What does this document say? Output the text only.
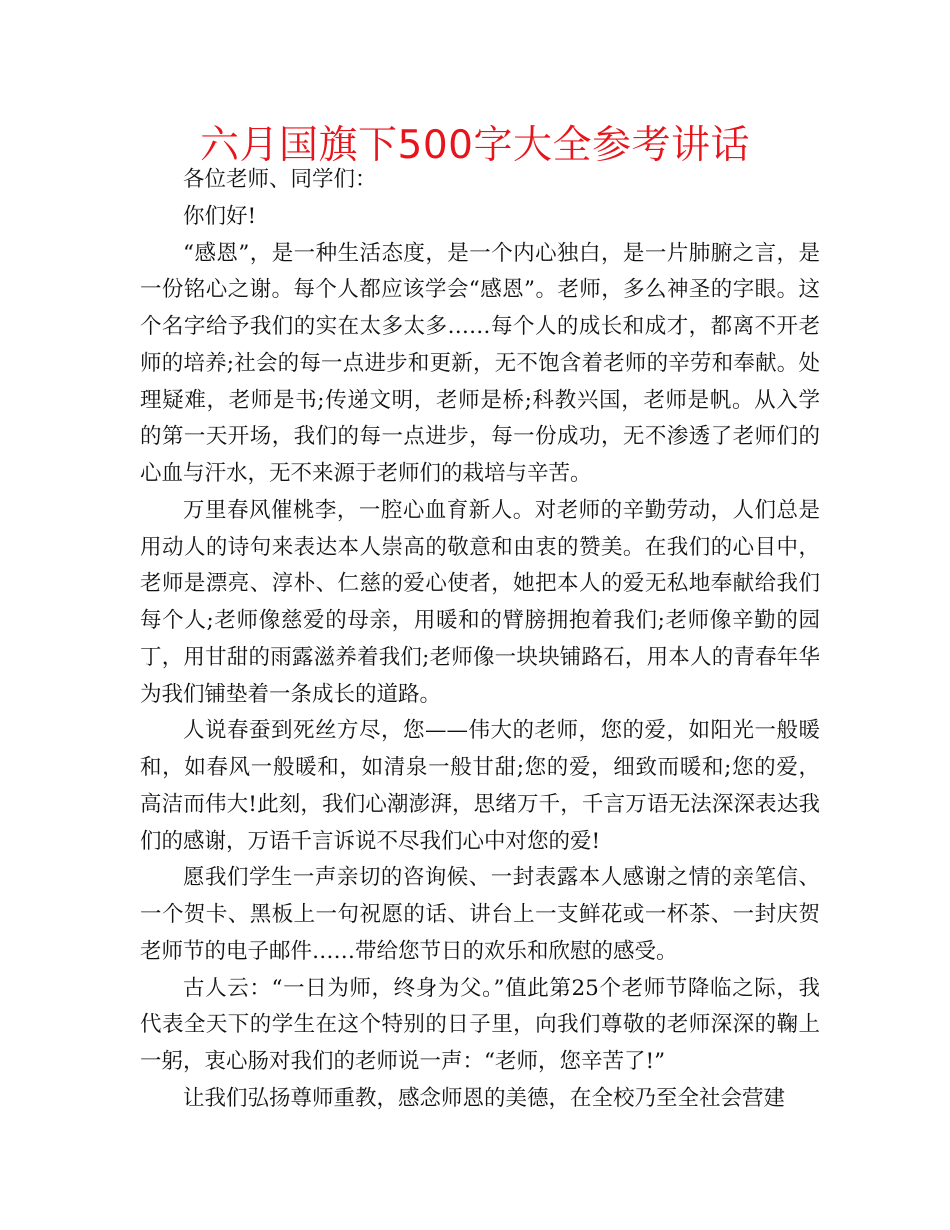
六月国旗下500字大全参考讲话

各位老师、同学们：

你们好!

“感恩”，是一种生活态度，是一个内心独白，是一片肺腑之言，是一份铭心之谢。每个人都应该学会“感恩”。老师，多么神圣的字眼。这个名字给予我们的实在太多太多……每个人的成长和成才，都离不开老师的培养;社会的每一点进步和更新，无不饱含着老师的辛劳和奉献。处理疑难，老师是书;传递文明，老师是桥;科教兴国，老师是帆。从入学的第一天开场，我们的每一点进步，每一份成功，无不渗透了老师们的心血与汗水，无不来源于老师们的栽培与辛苦。

万里春风催桃李，一腔心血育新人。对老师的辛勤劳动，人们总是用动人的诗句来表达本人崇高的敬意和由衷的赞美。在我们的心目中，老师是漂亮、淳朴、仁慈的爱心使者，她把本人的爱无私地奉献给我们每个人;老师像慈爱的母亲，用暖和的臂膀拥抱着我们;老师像辛勤的园丁，用甘甜的雨露滋养着我们;老师像一块块铺路石，用本人的青春年华为我们铺垫着一条成长的道路。

人说春蚕到死丝方尽，您——伟大的老师，您的爱，如阳光一般暖和，如春风一般暖和，如清泉一般甘甜;您的爱，细致而暖和;您的爱，高洁而伟大!此刻，我们心潮澎湃，思绪万千，千言万语无法深深表达我们的感谢，万语千言诉说不尽我们心中对您的爱!

愿我们学生一声亲切的咨询候、一封表露本人感谢之情的亲笔信、一个贺卡、黑板上一句祝愿的话、讲台上一支鲜花或一杯茶、一封庆贺老师节的电子邮件……带给您节日的欢乐和欣慰的感受。

古人云：“一日为师，终身为父。”值此第25个老师节降临之际，我代表全天下的学生在这个特别的日子里，向我们尊敬的老师深深的鞠上一躬，衷心肠对我们的老师说一声：“老师，您辛苦了!”

让我们弘扬尊师重教，感念师恩的美德，在全校乃至全社会营建
